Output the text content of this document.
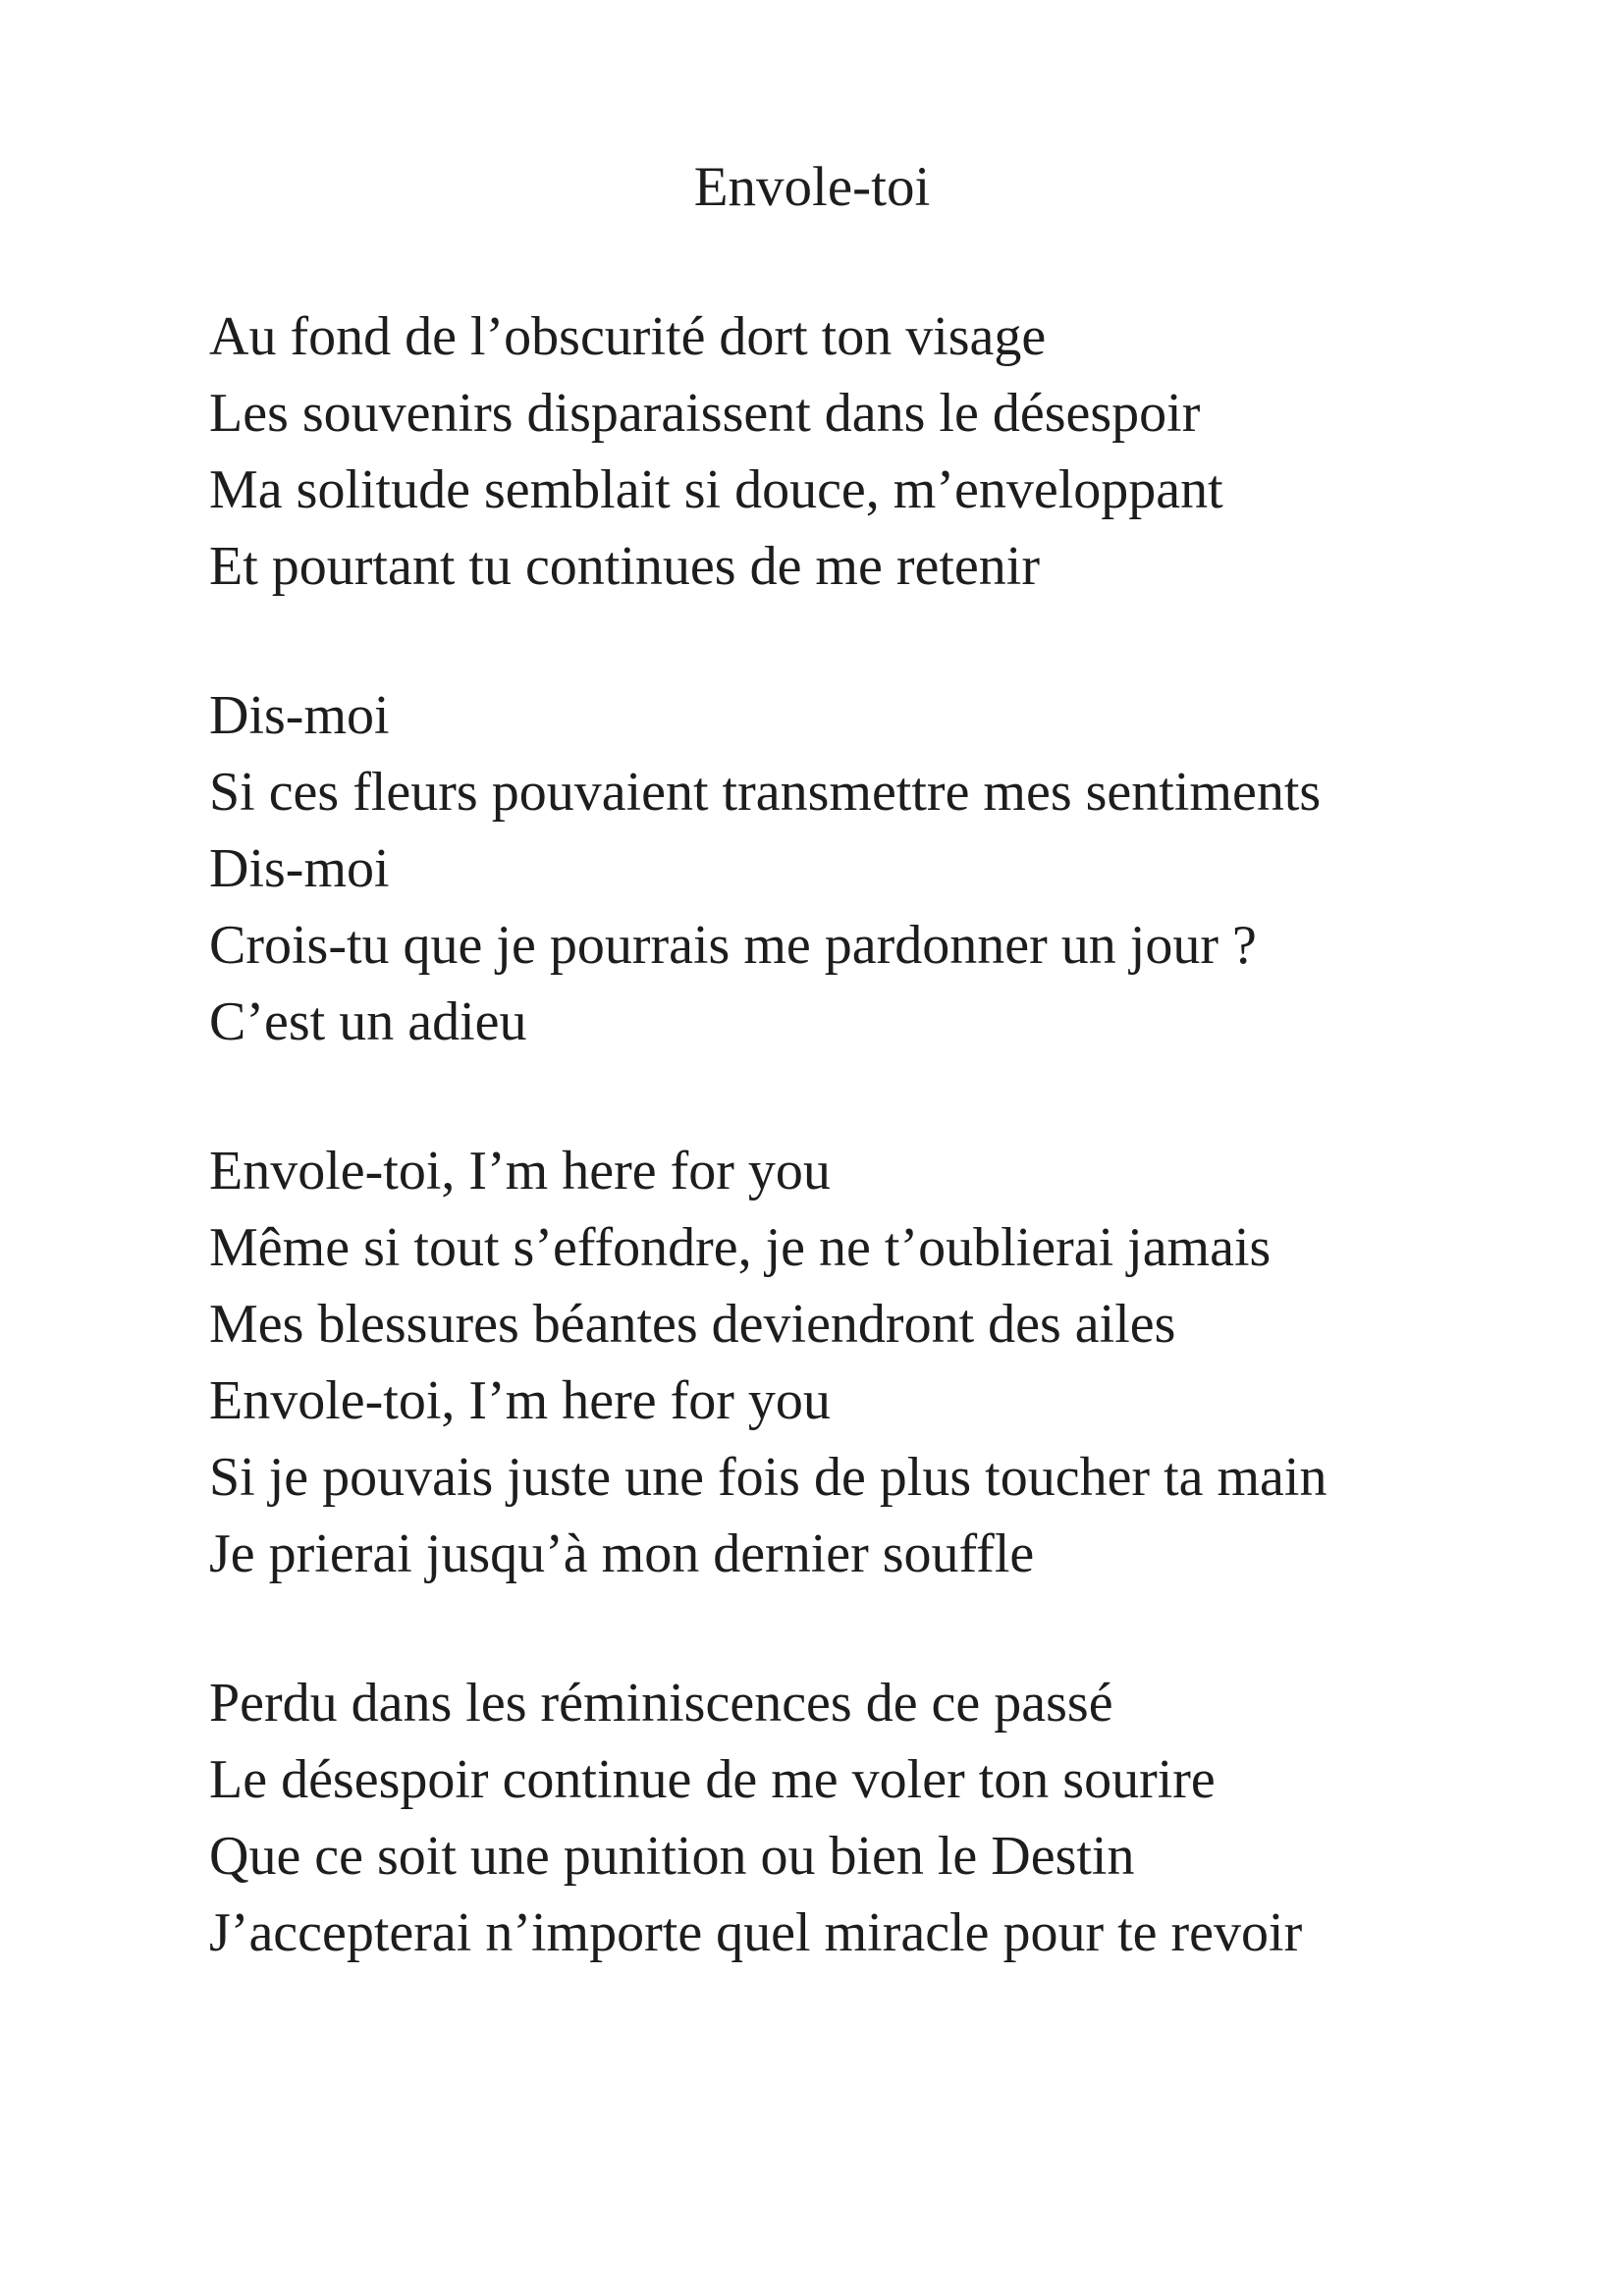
Envole-toi

Au fond de l’obscurité dort ton visage

Les souvenirs disparaissent dans le désespoir

Ma solitude semblait si douce, m’enveloppant

Et pourtant tu continues de me retenir

Dis-moi

Si ces fleurs pouvaient transmettre mes sentiments

Dis-moi

Crois-tu que je pourrais me pardonner un jour ?

C’est un adieu

Envole-toi, I’m here for you

Même si tout s’effondre, je ne t’oublierai jamais

Mes blessures béantes deviendront des ailes

Envole-toi, I’m here for you

Si je pouvais juste une fois de plus toucher ta main

Je prierai jusqu’à mon dernier souffle

Perdu dans les réminiscences de ce passé

Le désespoir continue de me voler ton sourire

Que ce soit une punition ou bien le Destin

J’accepterai n’importe quel miracle pour te revoir
